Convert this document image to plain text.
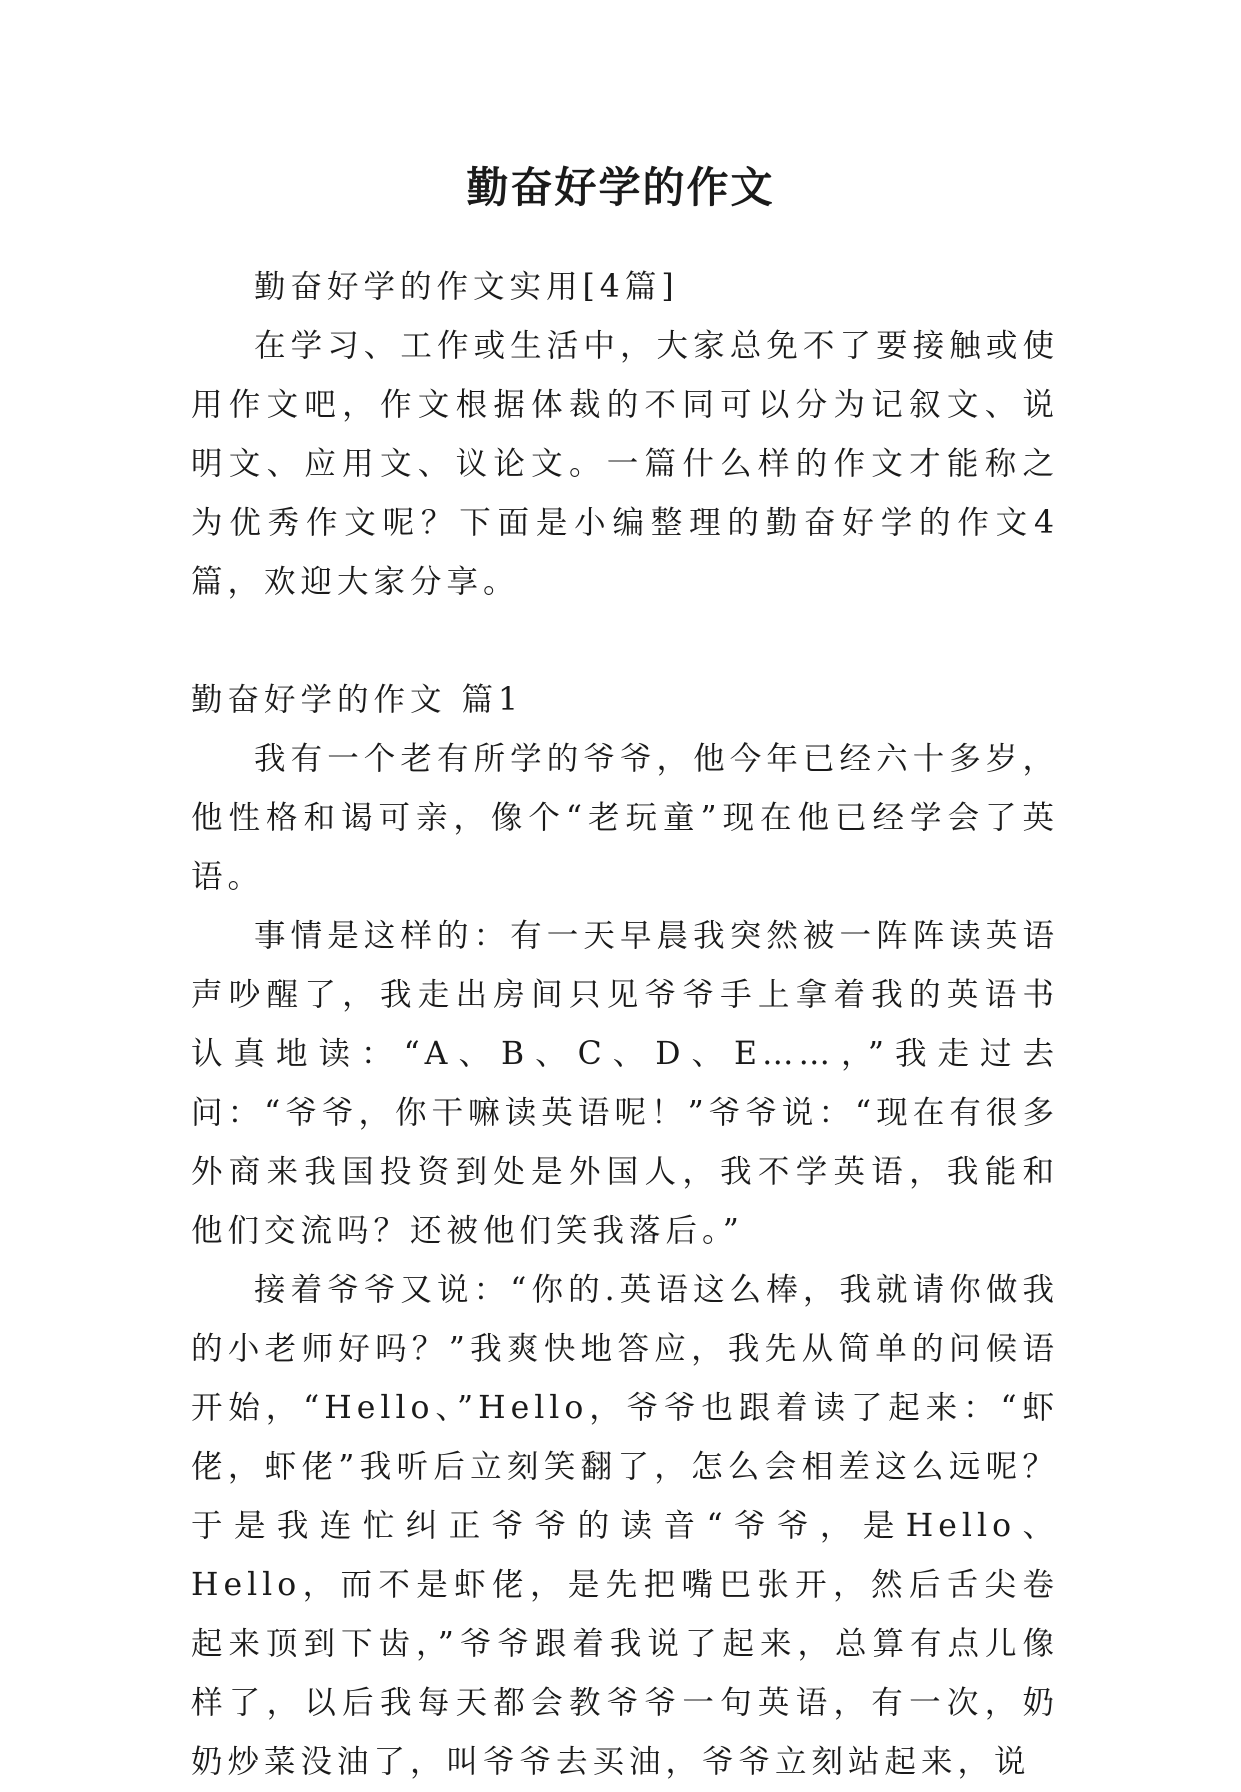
勤奋好学的作文

勤奋好学的作文实用[4篇]

在学习、工作或生活中，大家总免不了要接触或使用作文吧，作文根据体裁的不同可以分为记叙文、说明文、应用文、议论文。一篇什么样的作文才能称之为优秀作文呢？下面是小编整理的勤奋好学的作文4篇，欢迎大家分享。

勤奋好学的作文 篇1

我有一个老有所学的爷爷，他今年已经六十多岁，他性格和谒可亲，像个“老玩童”现在他已经学会了英语。

事情是这样的：有一天早晨我突然被一阵阵读英语声吵醒了，我走出房间只见爷爷手上拿着我的英语书认真地读：“A、B、C、D、E……，”我走过去问：“爷爷，你干嘛读英语呢！”爷爷说：“现在有很多外商来我国投资到处是外国人，我不学英语，我能和他们交流吗？还被他们笑我落后。”

接着爷爷又说：“你的.英语这么棒，我就请你做我的小老师好吗？”我爽快地答应，我先从简单的问候语开始，“Hello、”Hello，爷爷也跟着读了起来：“虾佬，虾佬”我听后立刻笑翻了，怎么会相差这么远呢？于是我连忙纠正爷爷的读音“爷爷，是Hello、Hello，而不是虾佬，是先把嘴巴张开，然后舌尖卷起来顶到下齿，”爷爷跟着我说了起来，总算有点儿像样了，以后我每天都会教爷爷一句英语，有一次，奶奶炒菜没油了，叫爷爷去买油，爷爷立刻站起来，说
